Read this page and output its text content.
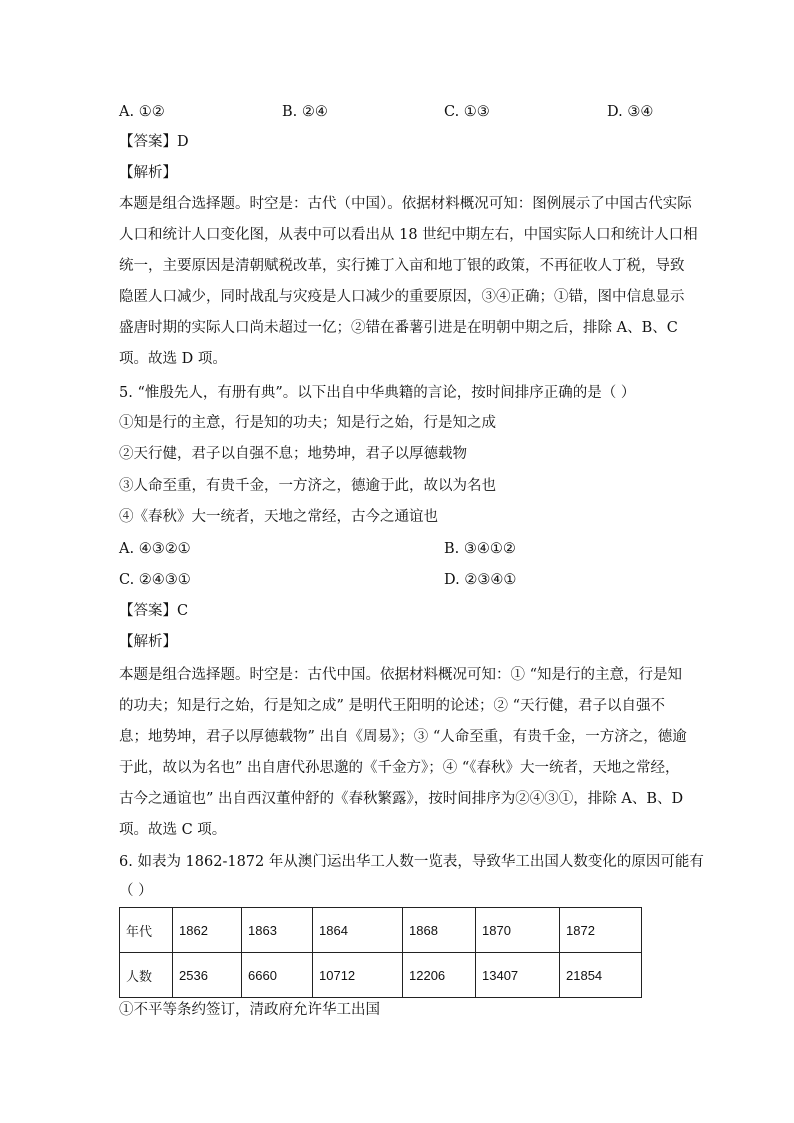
A. ①②	B. ②④	C. ①③	D. ③④
【答案】D
【解析】
本题是组合选择题。时空是：古代（中国）。依据材料概况可知：图例展示了中国古代实际
人口和统计人口变化图，从表中可以看出从 18 世纪中期左右，中国实际人口和统计人口相
统一，主要原因是清朝赋税改革，实行摊丁入亩和地丁银的政策，不再征收人丁税，导致
隐匿人口减少，同时战乱与灾疫是人口减少的重要原因，③④正确；①错，图中信息显示
盛唐时期的实际人口尚未超过一亿；②错在番薯引进是在明朝中期之后，排除 A、B、C
项。故选 D 项。
5. “惟殷先人，有册有典”。以下出自中华典籍的言论，按时间排序正确的是（ ）
①知是行的主意，行是知的功夫；知是行之始，行是知之成
②天行健，君子以自强不息；地势坤，君子以厚德载物
③人命至重，有贵千金，一方济之，德逾于此，故以为名也
④《春秋》大一统者，天地之常经，古今之通谊也
A. ④③②①	B. ③④①②
C. ②④③①	D. ②③④①
【答案】C
【解析】
本题是组合选择题。时空是：古代中国。依据材料概况可知：① “知是行的主意，行是知
的功夫；知是行之始，行是知之成” 是明代王阳明的论述；② “天行健，君子以自强不
息；地势坤，君子以厚德载物” 出自《周易》；③ “人命至重，有贵千金，一方济之，德逾
于此，故以为名也” 出自唐代孙思邈的《千金方》；④ “《春秋》大一统者，天地之常经，
古今之通谊也” 出自西汉董仲舒的《春秋繁露》，按时间排序为②④③①，排除 A、B、D
项。故选 C 项。
6. 如表为 1862-1872 年从澳门运出华工人数一览表，导致华工出国人数变化的原因可能有
（ ）
年代	1862	1863	1864	1868	1870	1872
人数	2536	6660	10712	12206	13407	21854
①不平等条约签订，清政府允许华工出国
